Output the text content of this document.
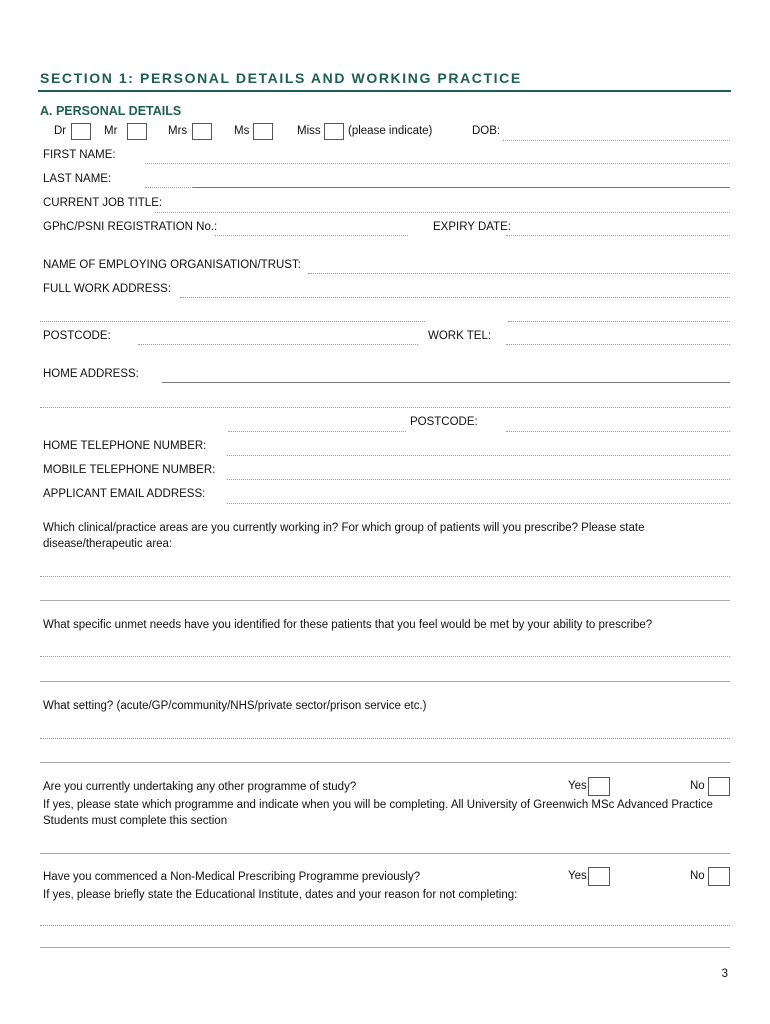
SECTION 1: PERSONAL DETAILS AND WORKING PRACTICE
A. PERSONAL DETAILS
Dr	Mr	Mrs	Ms	Miss (please indicate)	DOB:
FIRST NAME:
LAST NAME:
CURRENT JOB TITLE:
GPhC/PSNI REGISTRATION No.:	EXPIRY DATE:
NAME OF EMPLOYING ORGANISATION/TRUST:
FULL WORK ADDRESS:
POSTCODE:	WORK TEL:
HOME ADDRESS:
POSTCODE:
HOME TELEPHONE NUMBER:
MOBILE TELEPHONE NUMBER:
APPLICANT EMAIL ADDRESS:
Which clinical/practice areas are you currently working in? For which group of patients will you prescribe? Please state disease/therapeutic area:
What specific unmet needs have you identified for these patients that you feel would be met by your ability to prescribe?
What setting? (acute/GP/community/NHS/private sector/prison service etc.)
Are you currently undertaking any other programme of study?	Yes	No
If yes, please state which programme and indicate when you will be completing. All University of Greenwich MSc Advanced Practice Students must complete this section
Have you commenced a Non-Medical Prescribing Programme previously?	Yes	No
If yes, please briefly state the Educational Institute, dates and your reason for not completing:
3
